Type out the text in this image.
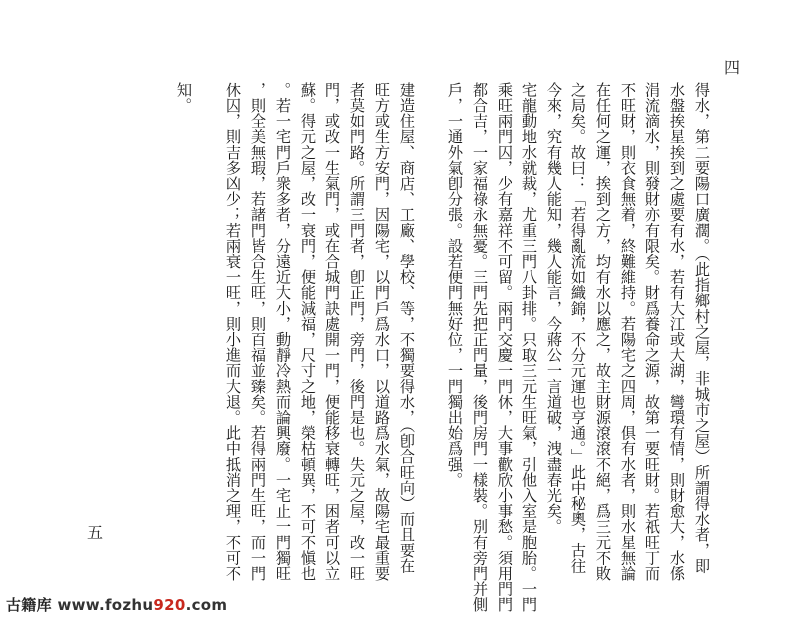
四
五	得水，第二要陽口廣濶。（此指鄉村之屋，非城市之屋）所謂得水者，即
水盤挨星挨到之處要有水，若有大江或大湖，彎環有情，則財愈大，水係
涓流滴水，則發財亦有限矣。財爲養命之源，故第一要旺財。若祇旺丁而
不旺財，則衣食無着，終難維持。若陽宅之四周，俱有水者，則水星無論
在任何之運，挨到之方，均有水以應之，故主財源滾滾不絕，爲三元不敗
之局矣。故曰：「若得亂流如織錦，不分元運也亨通。」此中秘奧，古往
今來，究有幾人能知，幾人能言，今蔣公一言道破，洩盡春光矣。
宅龍動地水就裁，尤重三門八卦排。只取三元生旺氣，引他入室是胞胎。一門
乘旺兩門囚，少有嘉祥不可留。兩門交慶一門休，大事歡欣小事愁。須用門門
都合吉，一家福祿永無憂。三門先把正門量，後門房門一樣裝。別有旁門并側
戶，一通外氣卽分張。設若便門無好位，一門獨出始爲强。
建造住屋、商店、工廠、學校、等，不獨要得水，（卽合旺向）而且要在
旺方或生方安門，因陽宅，以門戶爲水口，以道路爲水氣，故陽宅最重要
者莫如門路。所謂三門者，卽正門，旁門，後門是也。失元之屋，改一旺
門，或改一生氣門，或在合城門訣處開一門，便能移衰轉旺，困者可以立
蘇。得元之屋，改一衰門，便能減福，尺寸之地，榮枯頓異，不可不愼也
。若一宅門戶衆多者，分遠近大小，動靜冷熱而論興廢。一宅止一門獨旺
，則全美無瑕，若諸門皆合生旺，則百福並臻矣。若得兩門生旺，而一門
休囚，則吉多凶少；若兩衰一旺，則小進而大退。此中抵消之理，不可不
知。
古籍库 www.fozhu920.com
